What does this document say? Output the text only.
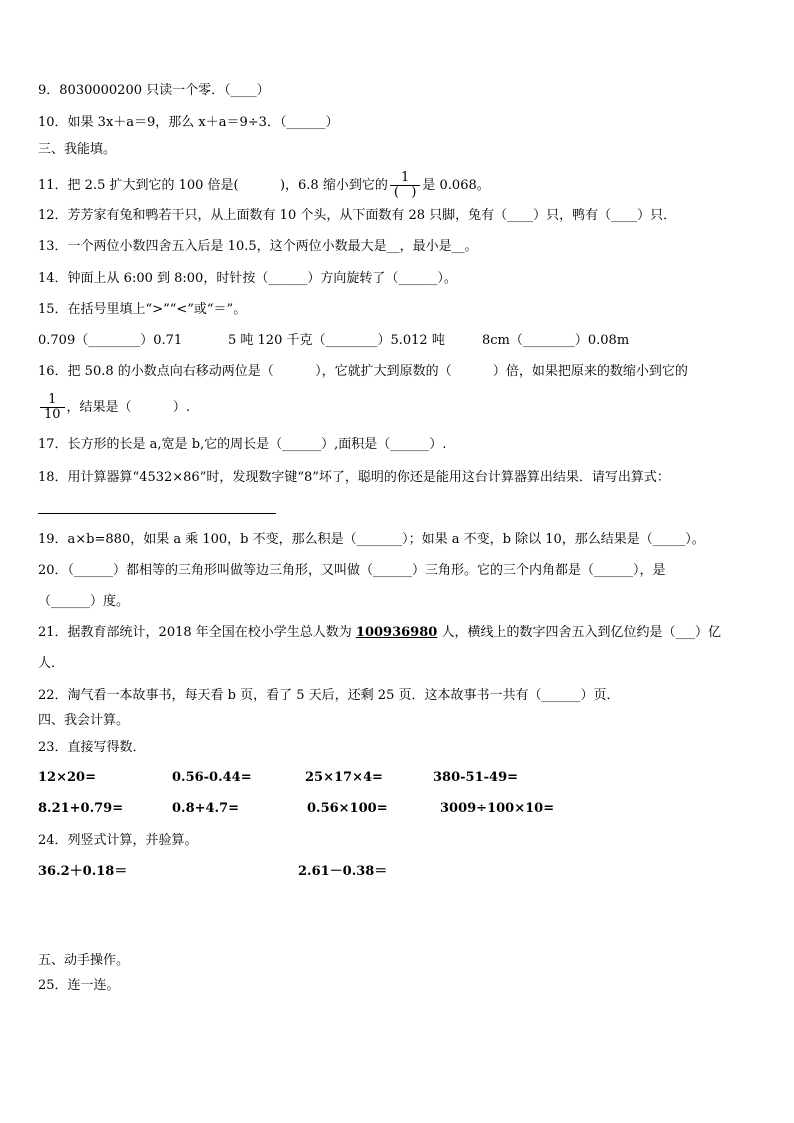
9．8030000200 只读一个零．（____）
10．如果 3x＋a＝9，那么 x＋a＝9÷3．（______）
三、我能填。
11．把 2.5 扩大到它的 100 倍是(          )，6.8 缩小到它的 $\frac{1}{( )}$ 是 0.068。
12．芳芳家有兔和鸭若干只，从上面数有 10 个头，从下面数有 28 只脚，兔有（____）只，鸭有（____）只．
13．一个两位小数四舍五入后是 10.5，这个两位小数最大是__，最小是__。
14．钟面上从 6:00 到 8:00，时针按（______）方向旋转了（______）。
15．在括号里填上“>”“<”或“＝”。
0.709（________）0.71	5 吨 120 千克（________）5.012 吨	8cm（________）0.08m
16．把 50.8 的小数点向右移动两位是（          ），它就扩大到原数的（          ）倍，如果把原来的数缩小到它的
$\frac{1}{10}$ ，结果是（          ）.
17．长方形的长是 a,宽是 b,它的周长是（______）,面积是（______）.
18．用计算器算“4532×86”时，发现数字键“8”坏了，聪明的你还是能用这台计算器算出结果．请写出算式：
19．a×b=880，如果 a 乘 100，b 不变，那么积是（_______）；如果 a 不变，b 除以 10，那么结果是（_____）。
20．（______）都相等的三角形叫做等边三角形，又叫做（______）三角形。它的三个内角都是（______），是
（______）度。
21．据教育部统计，2018 年全国在校小学生总人数为 100936980 人，横线上的数字四舍五入到亿位约是（___）亿
人.
22．淘气看一本故事书，每天看 b 页，看了 5 天后，还剩 25 页．这本故事书一共有（______）页．
四、我会计算。
23．直接写得数．
12×20=	0.56-0.44=	25×17×4=	380-51-49=
8.21+0.79=	0.8+4.7=	0.56×100=	3009÷100×10=
24．列竖式计算，并验算。
36.2＋0.18＝	2.61－0.38＝
五、动手操作。
25．连一连。
